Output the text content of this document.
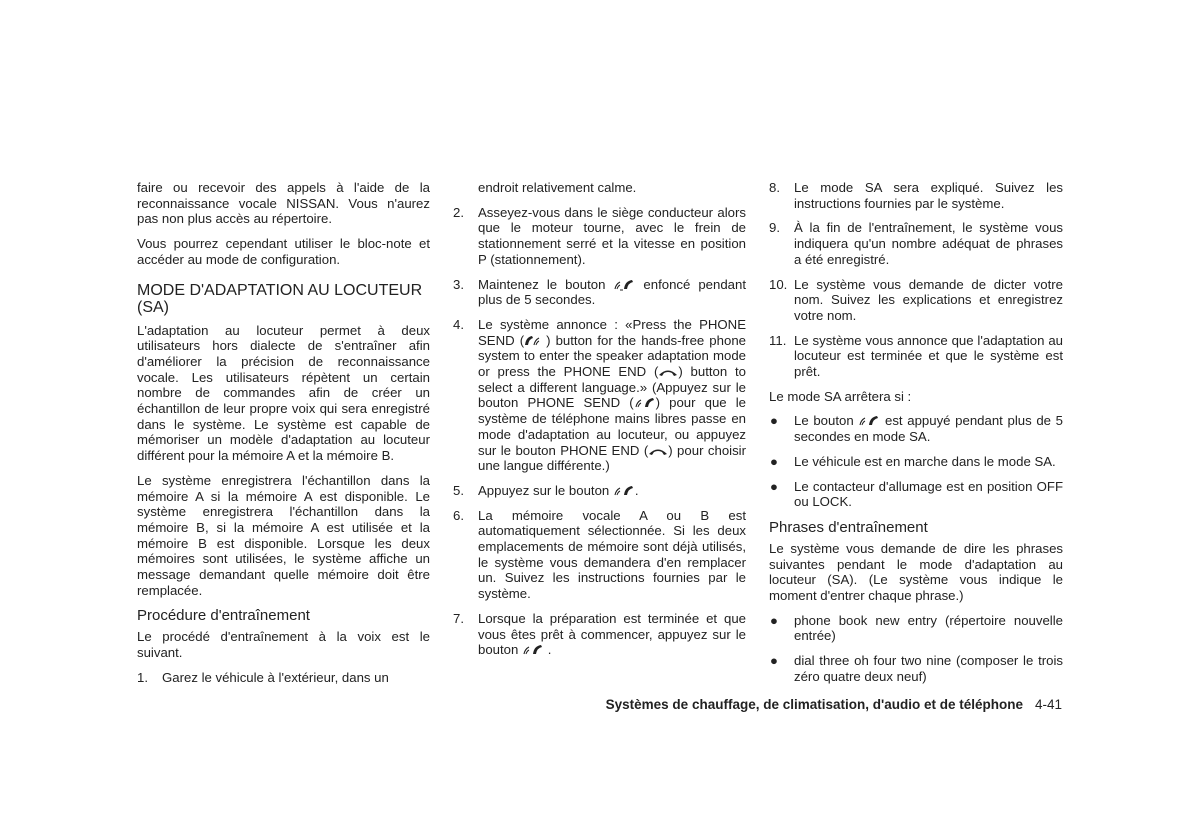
faire ou recevoir des appels à l'aide de la reconnaissance vocale NISSAN. Vous n'aurez pas non plus accès au répertoire.

Vous pourrez cependant utiliser le bloc-note et accéder au mode de configuration.

MODE D'ADAPTATION AU LOCUTEUR (SA)

L'adaptation au locuteur permet à deux utilisateurs hors dialecte de s'entraîner afin d'améliorer la précision de reconnaissance vocale. Les utilisateurs répètent un certain nombre de commandes afin de créer un échantillon de leur propre voix qui sera enregistré dans le système. Le système est capable de mémoriser un modèle d'adaptation au locuteur différent pour la mémoire A et la mémoire B.

Le système enregistrera l'échantillon dans la mémoire A si la mémoire A est disponible. Le système enregistrera l'échantillon dans la mémoire B, si la mémoire A est utilisée et la mémoire B est disponible. Lorsque les deux mémoires sont utilisées, le système affiche un message demandant quelle mémoire doit être remplacée.

Procédure d'entraînement

Le procédé d'entraînement à la voix est le suivant.

1. Garez le véhicule à l'extérieur, dans un
endroit relativement calme.
2. Asseyez-vous dans le siège conducteur alors que le moteur tourne, avec le frein de stationnement serré et la vitesse en position P (stationnement).
3. Maintenez le bouton	enfoncé pendant plus de 5 secondes.
4. Le système annonce : «Press the PHONE SEND ( ) button for the hands-free phone system to enter the speaker adaptation mode or press the PHONE END ( ) button to select a different language.» (Appuyez sur le bouton PHONE SEND ( ) pour que le système de téléphone mains libres passe en mode d'adaptation au locuteur, ou appuyez sur le bouton PHONE END ( ) pour choisir une langue différente.)
5. Appuyez sur le bouton .
6. La mémoire vocale A ou B est automatiquement sélectionnée. Si les deux emplacements de mémoire sont déjà utilisés, le système vous demandera d'en remplacer un. Suivez les instructions fournies par le système.
7. Lorsque la préparation est terminée et que vous êtes prêt à commencer, appuyez sur le bouton .
8. Le mode SA sera expliqué. Suivez les instructions fournies par le système.
9. À la fin de l'entraînement, le système vous indiquera qu'un nombre adéquat de phrases a été enregistré.
10. Le système vous demande de dicter votre nom. Suivez les explications et enregistrez votre nom.
11. Le système vous annonce que l'adaptation au locuteur est terminée et que le système est prêt.

Le mode SA arrêtera si :

● Le bouton est appuyé pendant plus de 5 secondes en mode SA.
● Le véhicule est en marche dans le mode SA.
● Le contacteur d'allumage est en position OFF ou LOCK.
Phrases d'entraînement

Le système vous demande de dire les phrases suivantes pendant le mode d'adaptation au locuteur (SA). (Le système vous indique le moment d'entrer chaque phrase.)

● phone book new entry (répertoire nouvelle entrée)
● dial three oh four two nine (composer le trois zéro quatre deux neuf)
Systèmes de chauffage, de climatisation, d'audio et de téléphone 4-41
